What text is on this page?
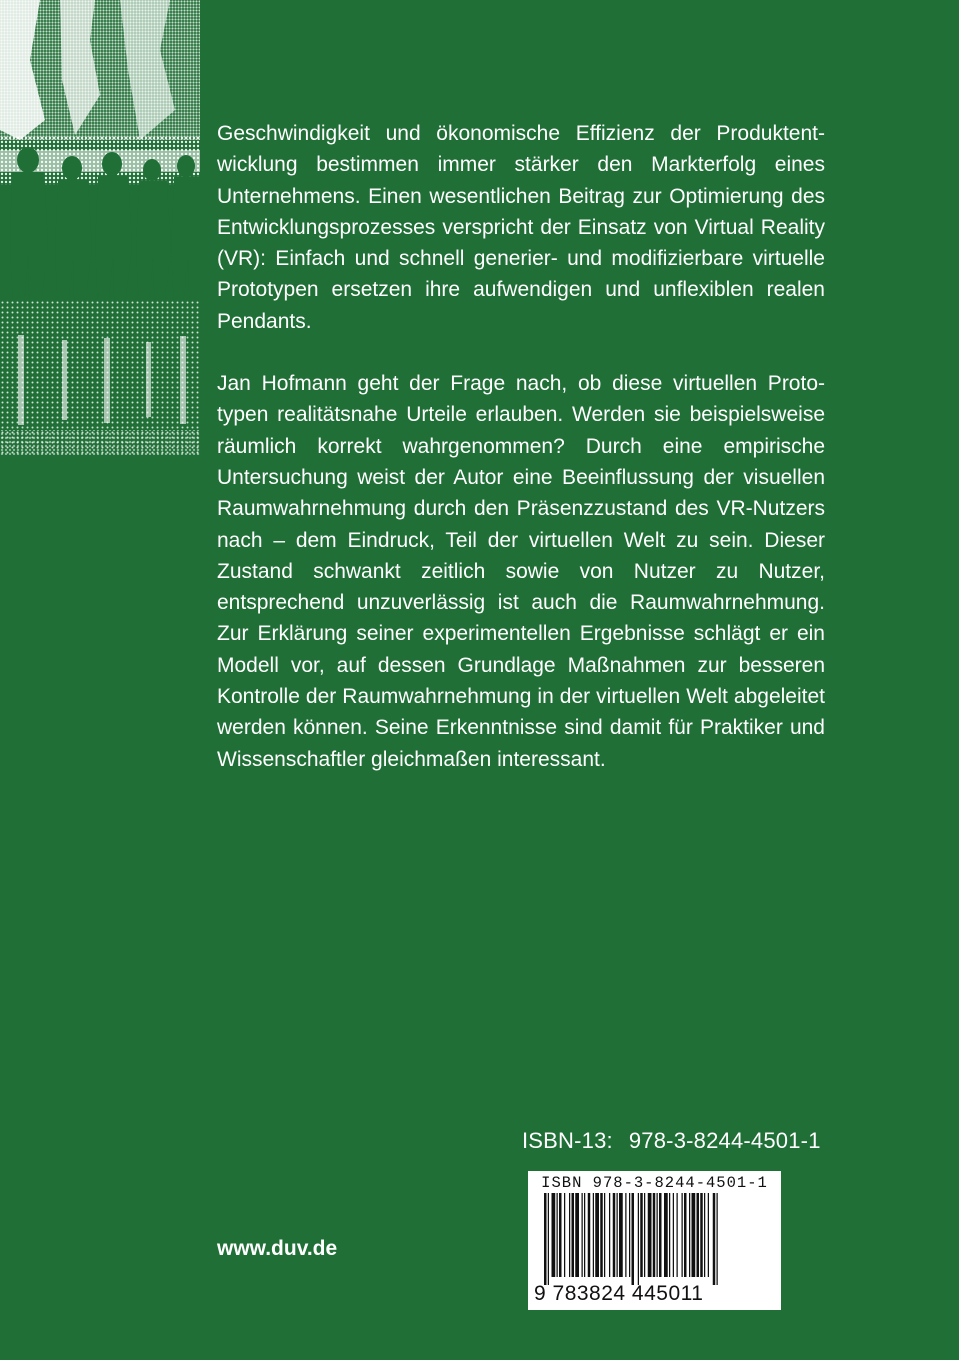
Geschwindigkeit und ökonomische Effizienz der Produktentwicklung bestimmen immer stärker den Markterfolg eines Unternehmens. Einen wesentlichen Beitrag zur Optimierung des Entwicklungsprozesses verspricht der Einsatz von Virtual Reality (VR): Einfach und schnell generier- und modifizierbare virtuelle Prototypen ersetzen ihre aufwendigen und unflexiblen realen Pendants.

Jan Hofmann geht der Frage nach, ob diese virtuellen Prototypen realitätsnahe Urteile erlauben. Werden sie beispielsweise räumlich korrekt wahrgenommen? Durch eine empirische Untersuchung weist der Autor eine Beeinflussung der visuellen Raumwahrnehmung durch den Präsenzzustand des VR-Nutzers nach – dem Eindruck, Teil der virtuellen Welt zu sein. Dieser Zustand schwankt zeitlich sowie von Nutzer zu Nutzer, entsprechend unzuverlässig ist auch die Raumwahrnehmung. Zur Erklärung seiner experimentellen Ergebnisse schlägt er ein Modell vor, auf dessen Grundlage Maßnahmen zur besseren Kontrolle der Raumwahrnehmung in der virtuellen Welt abgeleitet werden können. Seine Erkenntnisse sind damit für Praktiker und Wissenschaftler gleichmaßen interessant.

ISBN-13: 978-3-8244-4501-1
ISBN 978-3-8244-4501-1
9 783824 445011
www.duv.de
